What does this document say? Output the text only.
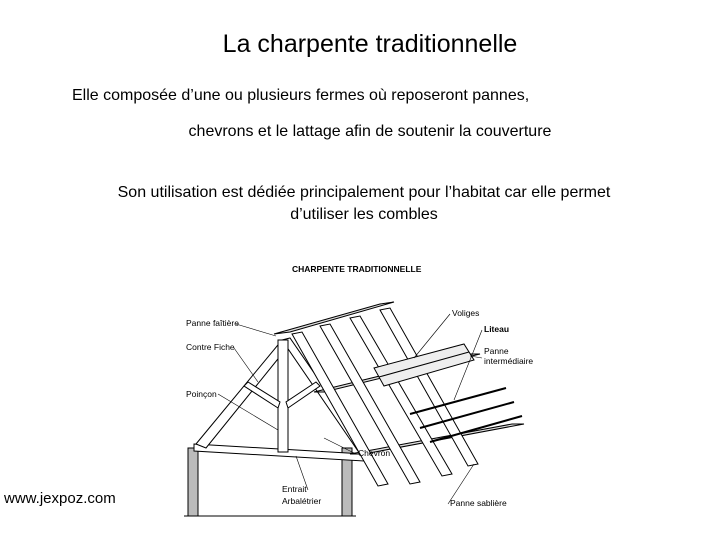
La charpente traditionnelle
Elle composée d’une ou plusieurs fermes où reposeront pannes,
chevrons et le lattage afin de soutenir la couverture
Son utilisation est dédiée principalement pour l’habitat car elle permet
d’utiliser les combles
CHARPENTE TRADITIONNELLE
Panne faîtière
Contre Fiche
Poinçon
Voliges
Liteau
Panne
intermédiaire
Chevron
Entrait
Arbalétrier	Panne sablière
www.jexpoz.com
